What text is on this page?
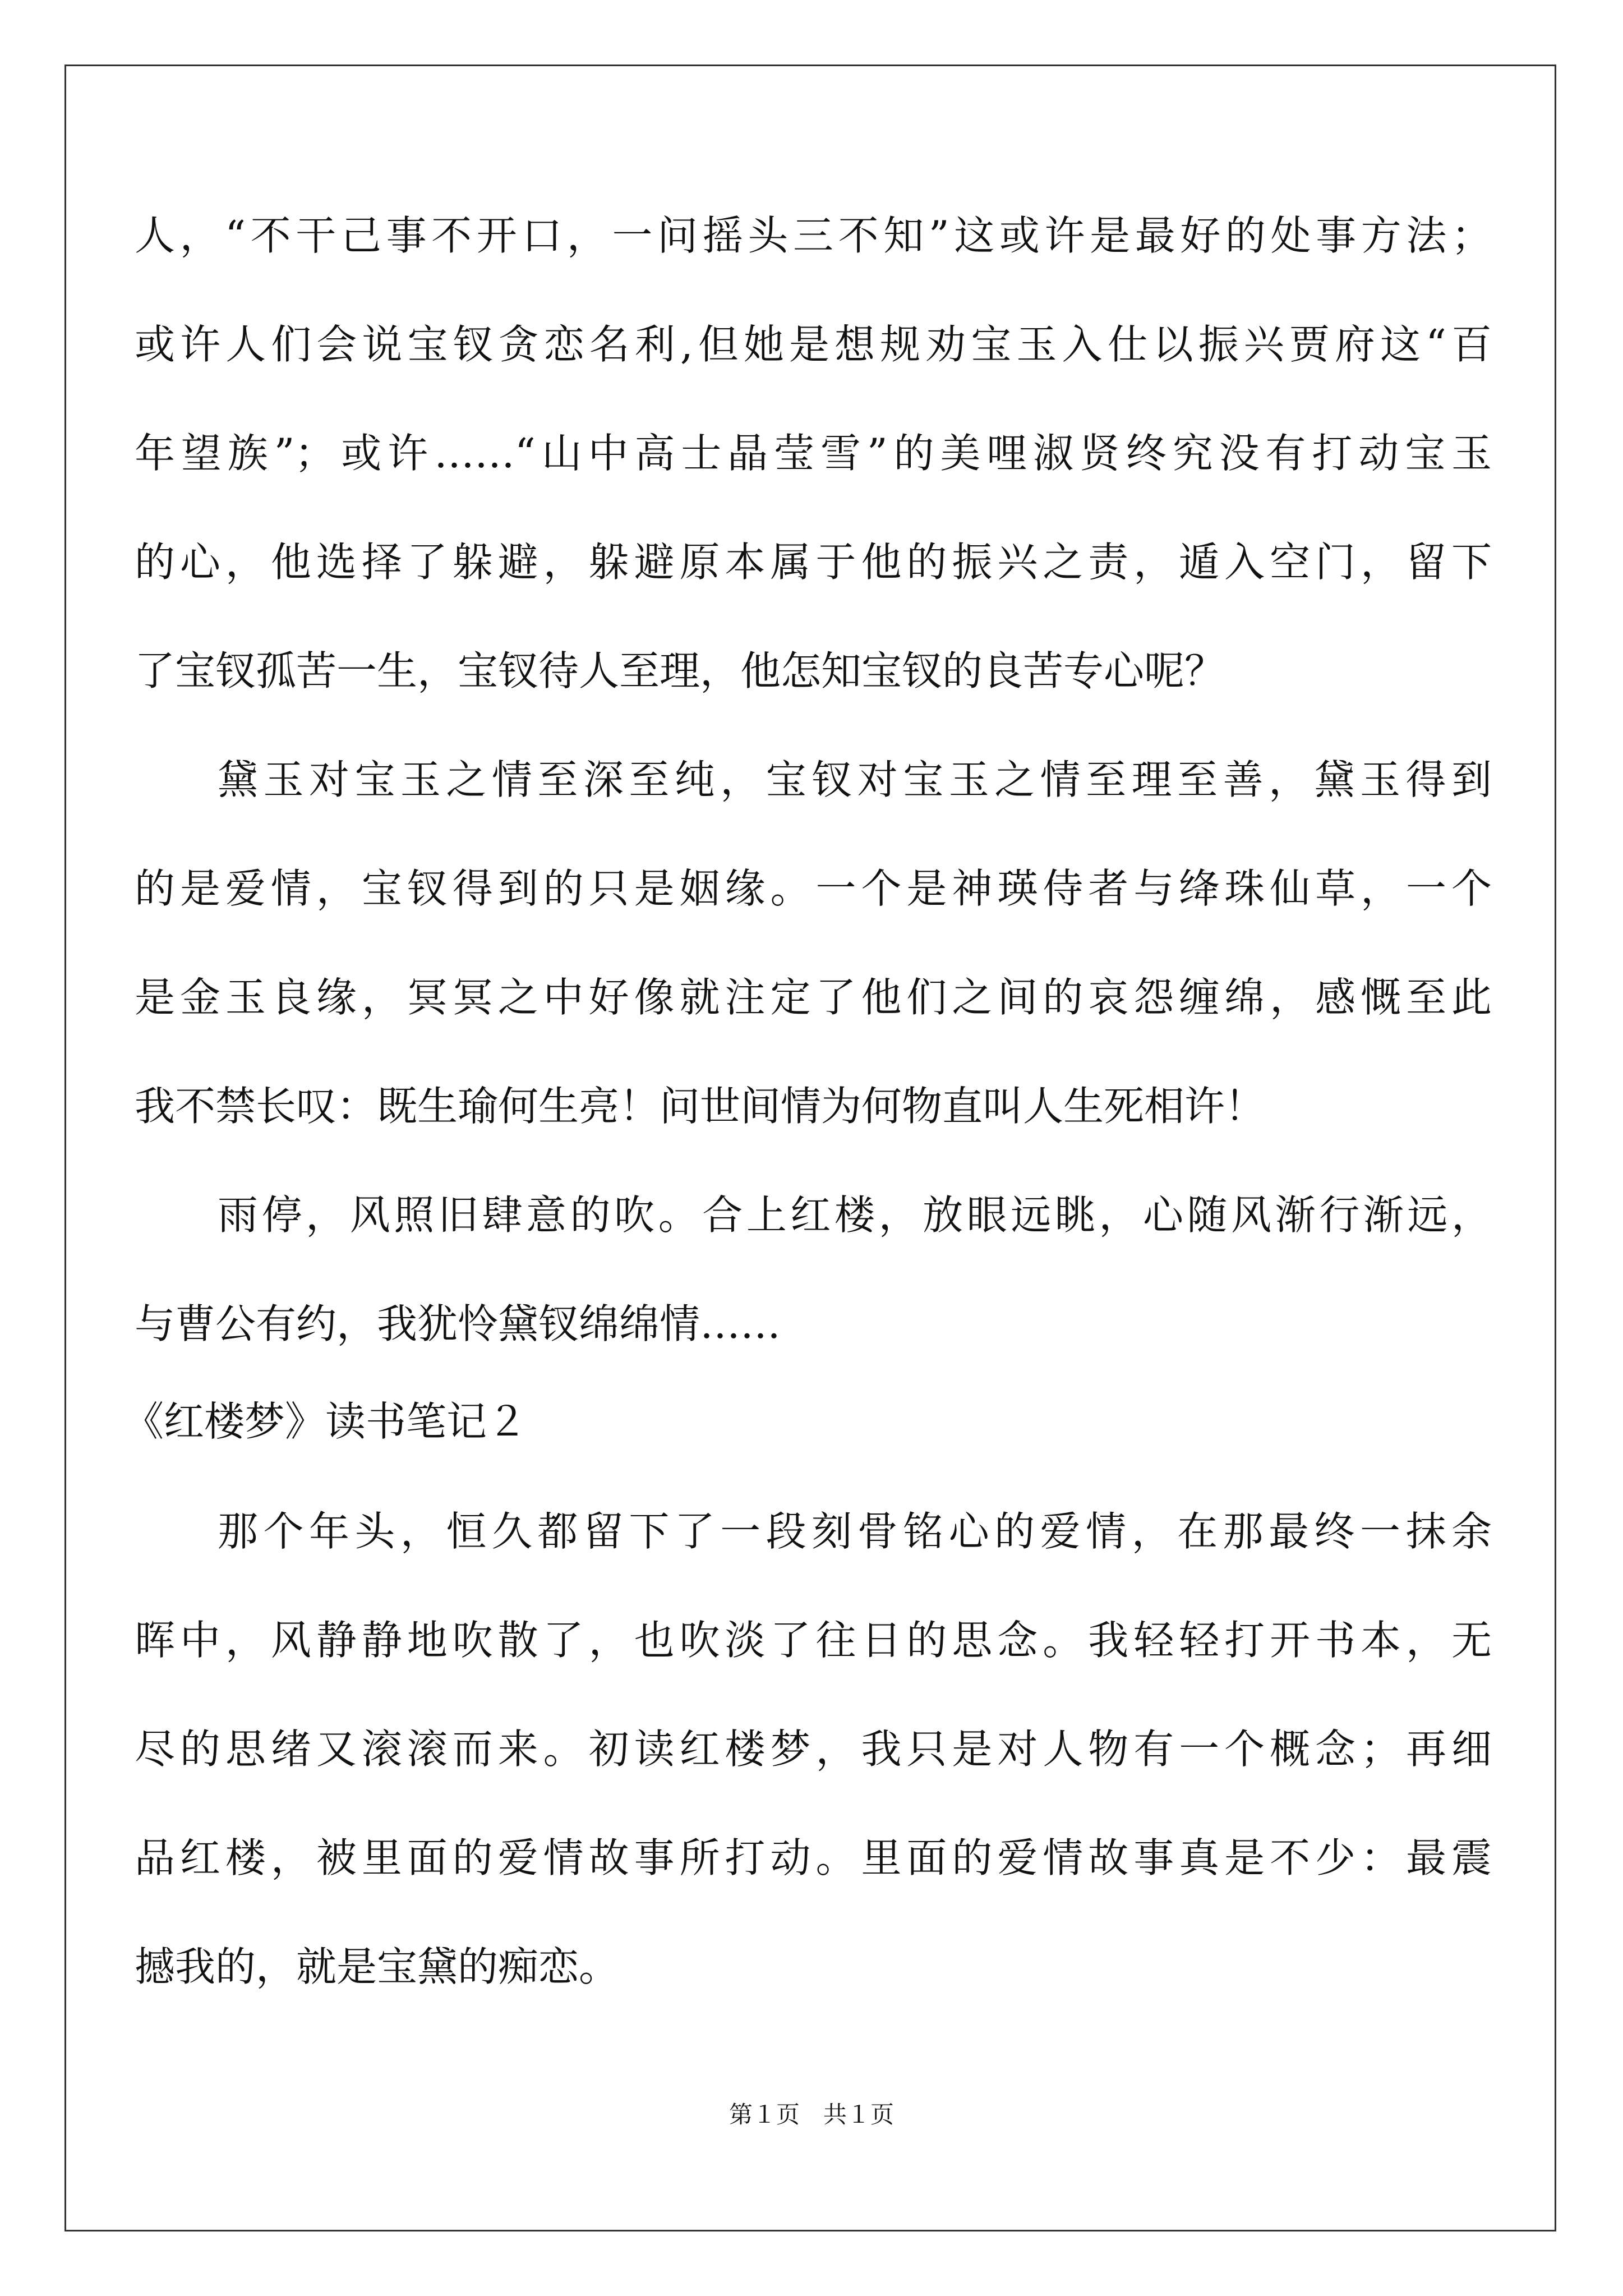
人，“不干己事不开口，一问摇头三不知”这或许是最好的处事方法；
或许人们会说宝钗贪恋名利,但她是想规劝宝玉入仕以振兴贾府这“百
年望族”；或许……“山中高士晶莹雪”的美哩淑贤终究没有打动宝玉
的心，他选择了躲避，躲避原本属于他的振兴之责，遁入空门，留下
了宝钗孤苦一生，宝钗待人至理，他怎知宝钗的良苦专心呢？
黛玉对宝玉之情至深至纯，宝钗对宝玉之情至理至善，黛玉得到
的是爱情，宝钗得到的只是姻缘。一个是神瑛侍者与绛珠仙草，一个
是金玉良缘，冥冥之中好像就注定了他们之间的哀怨缠绵，感慨至此
我不禁长叹：既生瑜何生亮！问世间情为何物直叫人生死相许！
雨停，风照旧肆意的吹。合上红楼，放眼远眺，心随风渐行渐远，
与曹公有约，我犹怜黛钗绵绵情……
《红楼梦》读书笔记２
那个年头，恒久都留下了一段刻骨铭心的爱情，在那最终一抹余
晖中，风静静地吹散了，也吹淡了往日的思念。我轻轻打开书本，无
尽的思绪又滚滚而来。初读红楼梦，我只是对人物有一个概念；再细
品红楼，被里面的爱情故事所打动。里面的爱情故事真是不少：最震
撼我的，就是宝黛的痴恋。
第１页　共１页
